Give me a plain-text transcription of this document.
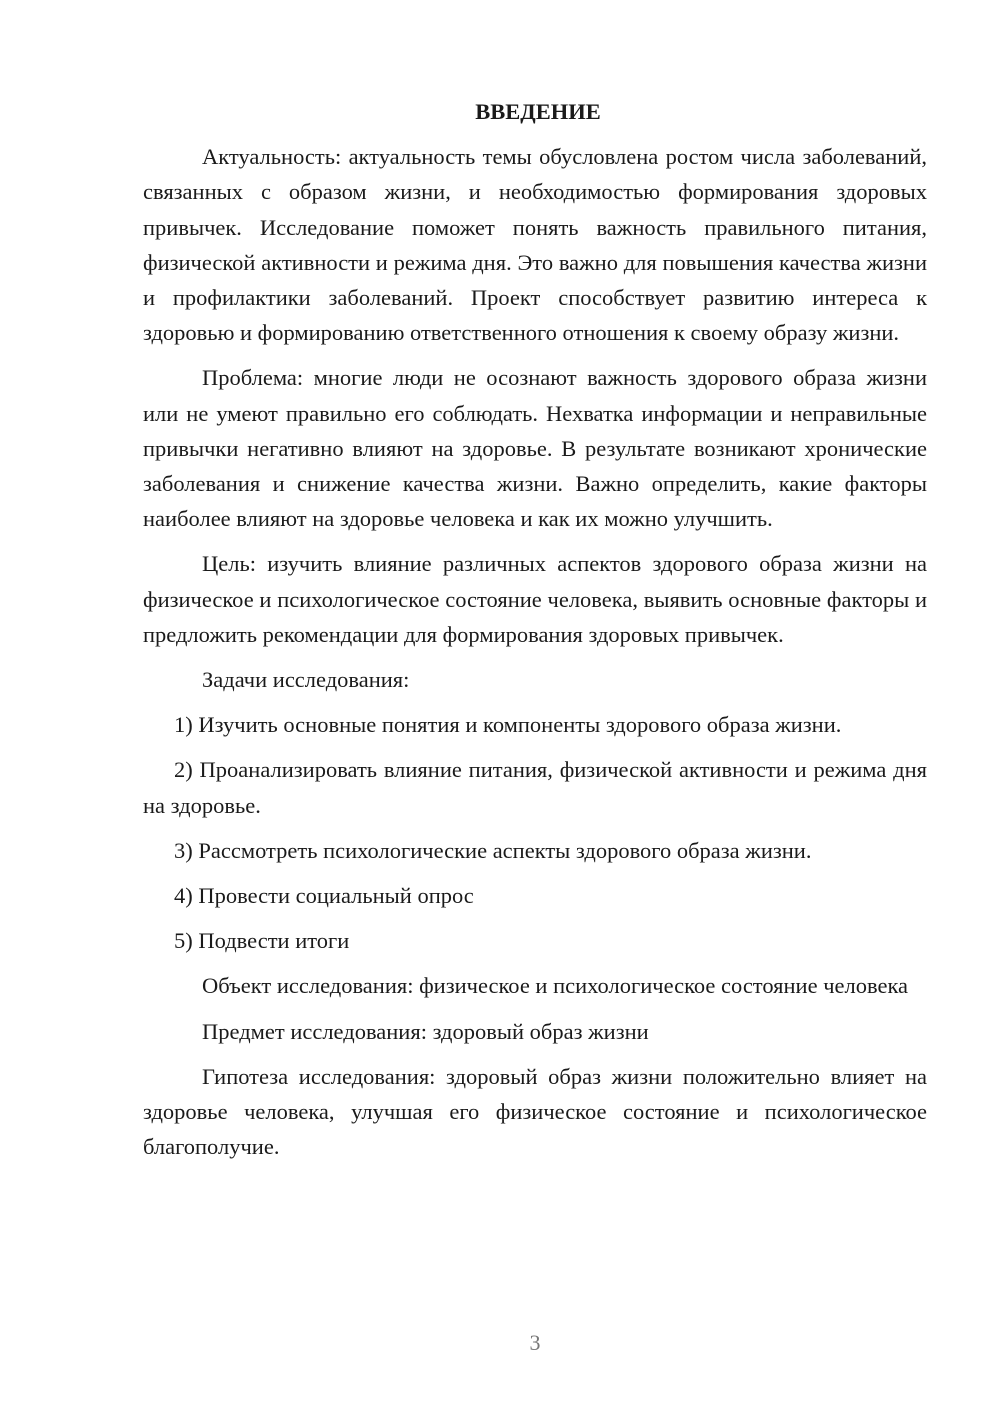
ВВЕДЕНИЕ

Актуальность: актуальность темы обусловлена ростом числа заболеваний, связанных с образом жизни, и необходимостью формирования здоровых привычек. Исследование поможет понять важность правильного питания, физической активности и режима дня. Это важно для повышения качества жизни и профилактики заболеваний. Проект способствует развитию интереса к здоровью и формированию ответственного отношения к своему образу жизни.

Проблема: многие люди не осознают важность здорового образа жизни или не умеют правильно его соблюдать. Нехватка информации и неправильные привычки негативно влияют на здоровье. В результате возникают хронические заболевания и снижение качества жизни. Важно определить, какие факторы наиболее влияют на здоровье человека и как их можно улучшить.

Цель: изучить влияние различных аспектов здорового образа жизни на физическое и психологическое состояние человека, выявить основные факторы и предложить рекомендации для формирования здоровых привычек.

Задачи исследования:

1) Изучить основные понятия и компоненты здорового образа жизни.

2) Проанализировать влияние питания, физической активности и режима дня на здоровье.

3) Рассмотреть психологические аспекты здорового образа жизни.

4) Провести социальный опрос

5) Подвести итоги

Объект исследования: физическое и психологическое состояние человека

Предмет исследования: здоровый образ жизни

Гипотеза исследования: здоровый образ жизни положительно влияет на здоровье человека, улучшая его физическое состояние и психологическое благополучие.

3
